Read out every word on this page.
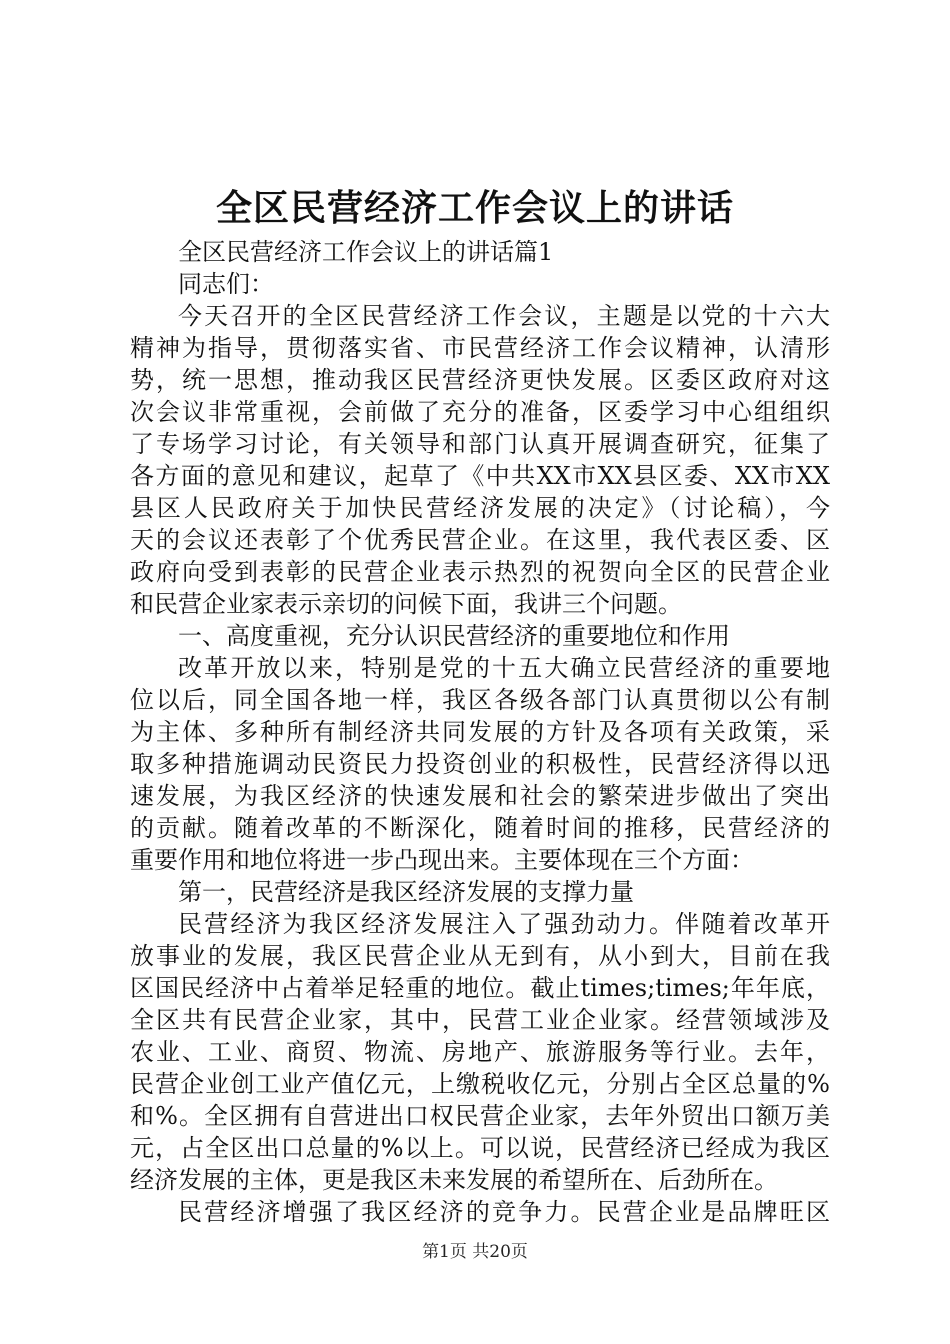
全区民营经济工作会议上的讲话
全区民营经济工作会议上的讲话篇1
同志们：
今天召开的全区民营经济工作会议，主题是以党的十六大
精神为指导，贯彻落实省、市民营经济工作会议精神，认清形
势，统一思想，推动我区民营经济更快发展。区委区政府对这
次会议非常重视，会前做了充分的准备，区委学习中心组组织
了专场学习讨论，有关领导和部门认真开展调查研究，征集了
各方面的意见和建议，起草了《中共XX市XX县区委、XX市XX
县区人民政府关于加快民营经济发展的决定》（讨论稿），今
天的会议还表彰了个优秀民营企业。在这里，我代表区委、区
政府向受到表彰的民营企业表示热烈的祝贺向全区的民营企业
和民营企业家表示亲切的问候下面，我讲三个问题。
一、高度重视，充分认识民营经济的重要地位和作用
改革开放以来，特别是党的十五大确立民营经济的重要地
位以后，同全国各地一样，我区各级各部门认真贯彻以公有制
为主体、多种所有制经济共同发展的方针及各项有关政策，采
取多种措施调动民资民力投资创业的积极性，民营经济得以迅
速发展，为我区经济的快速发展和社会的繁荣进步做出了突出
的贡献。随着改革的不断深化，随着时间的推移，民营经济的
重要作用和地位将进一步凸现出来。主要体现在三个方面：
第一，民营经济是我区经济发展的支撑力量
民营经济为我区经济发展注入了强劲动力。伴随着改革开
放事业的发展，我区民营企业从无到有，从小到大，目前在我
区国民经济中占着举足轻重的地位。截止times;times;年年底，
全区共有民营企业家，其中，民营工业企业家。经营领域涉及
农业、工业、商贸、物流、房地产、旅游服务等行业。去年，
民营企业创工业产值亿元，上缴税收亿元，分别占全区总量的%
和%。全区拥有自营进出口权民营企业家，去年外贸出口额万美
元，占全区出口总量的%以上。可以说，民营经济已经成为我区
经济发展的主体，更是我区未来发展的希望所在、后劲所在。
民营经济增强了我区经济的竞争力。民营企业是品牌旺区
第1页 共20页
